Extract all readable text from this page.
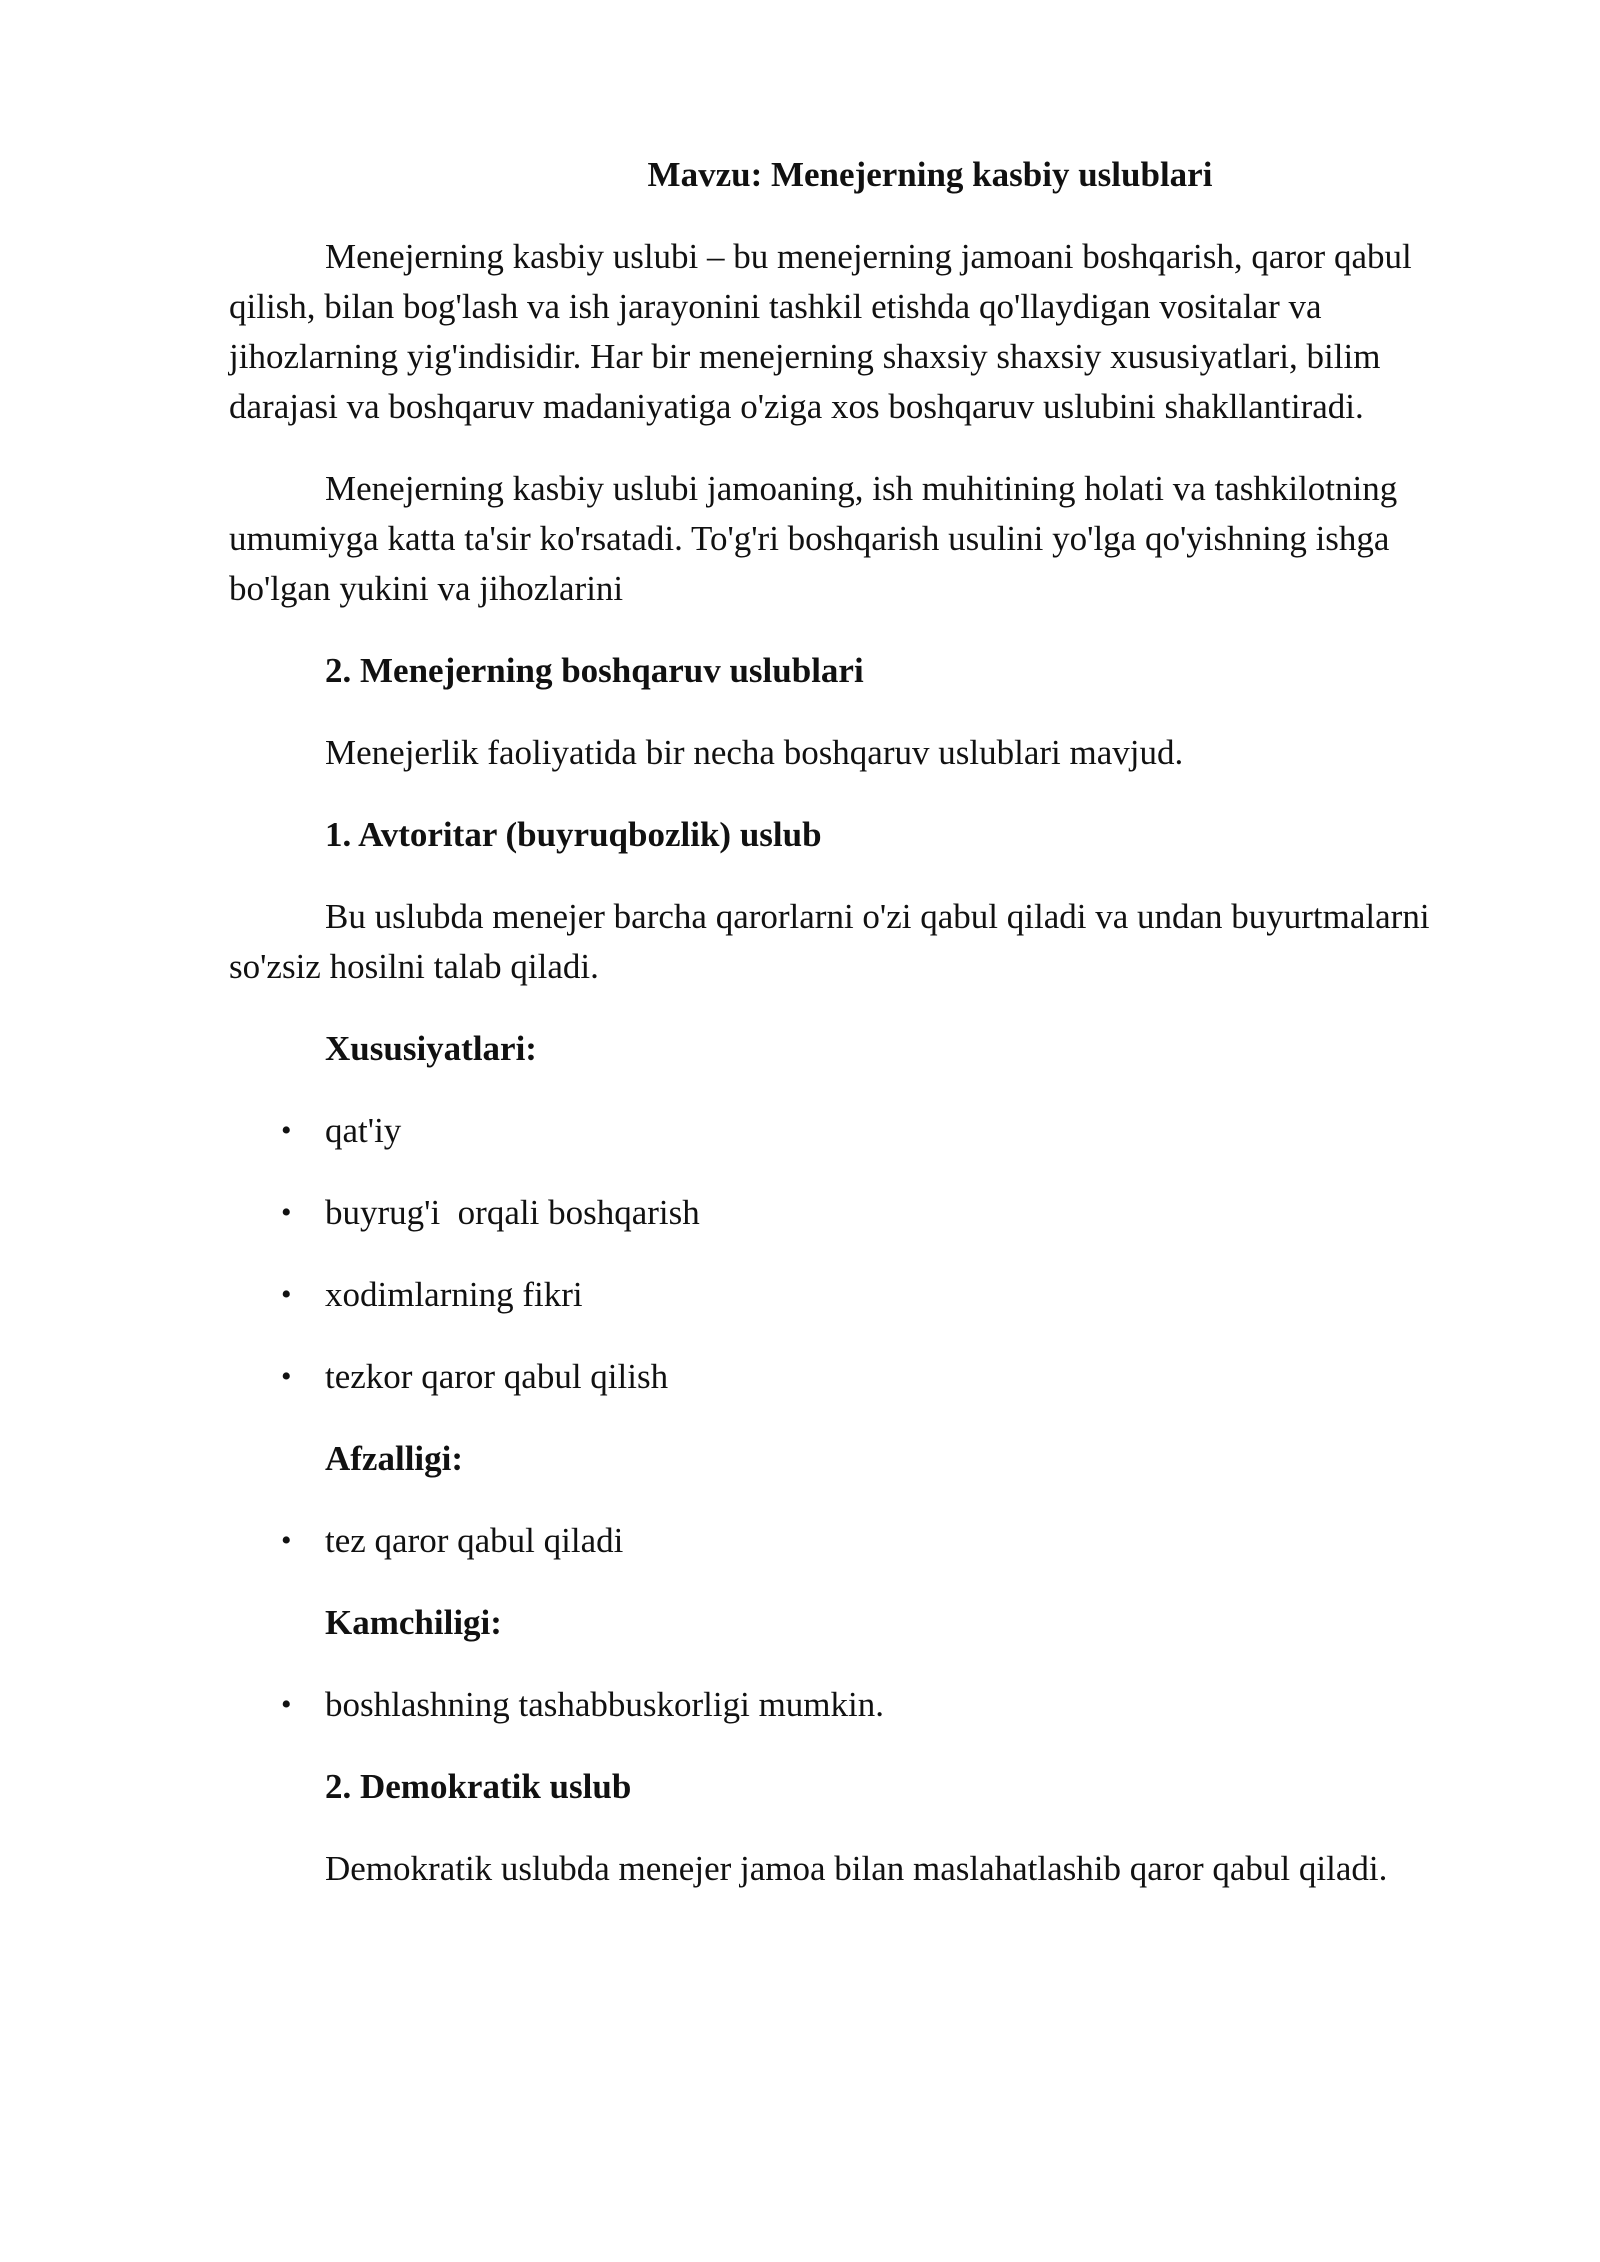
Mavzu: Menejerning kasbiy uslublari

Menejerning kasbiy uslubi – bu menejerning jamoani boshqarish, qaror qabul qilish, bilan bog'lash va ish jarayonini tashkil etishda qo'llaydigan vositalar va jihozlarning yig'indisidir. Har bir menejerning shaxsiy shaxsiy xususiyatlari, bilim darajasi va boshqaruv madaniyatiga o'ziga xos boshqaruv uslubini shakllantiradi.

Menejerning kasbiy uslubi jamoaning, ish muhitining holati va tashkilotning umumiyga katta ta'sir ko'rsatadi. To'g'ri boshqarish usulini yo'lga qo'yishning ishga bo'lgan yukini va jihozlarini

2. Menejerning boshqaruv uslublari

Menejerlik faoliyatida bir necha boshqaruv uslublari mavjud.

1. Avtoritar (buyruqbozlik) uslub

Bu uslubda menejer barcha qarorlarni o'zi qabul qiladi va undan buyurtmalarni so'zsiz hosilni talab qiladi.

Xususiyatlari:

• qat'iy
• buyrug'i  orqali boshqarish
• xodimlarning fikri
• tezkor qaror qabul qilish

Afzalligi:

• tez qaror qabul qiladi

Kamchiligi:

• boshlashning tashabbuskorligi mumkin.

2. Demokratik uslub

Demokratik uslubda menejer jamoa bilan maslahatlashib qaror qabul qiladi.
